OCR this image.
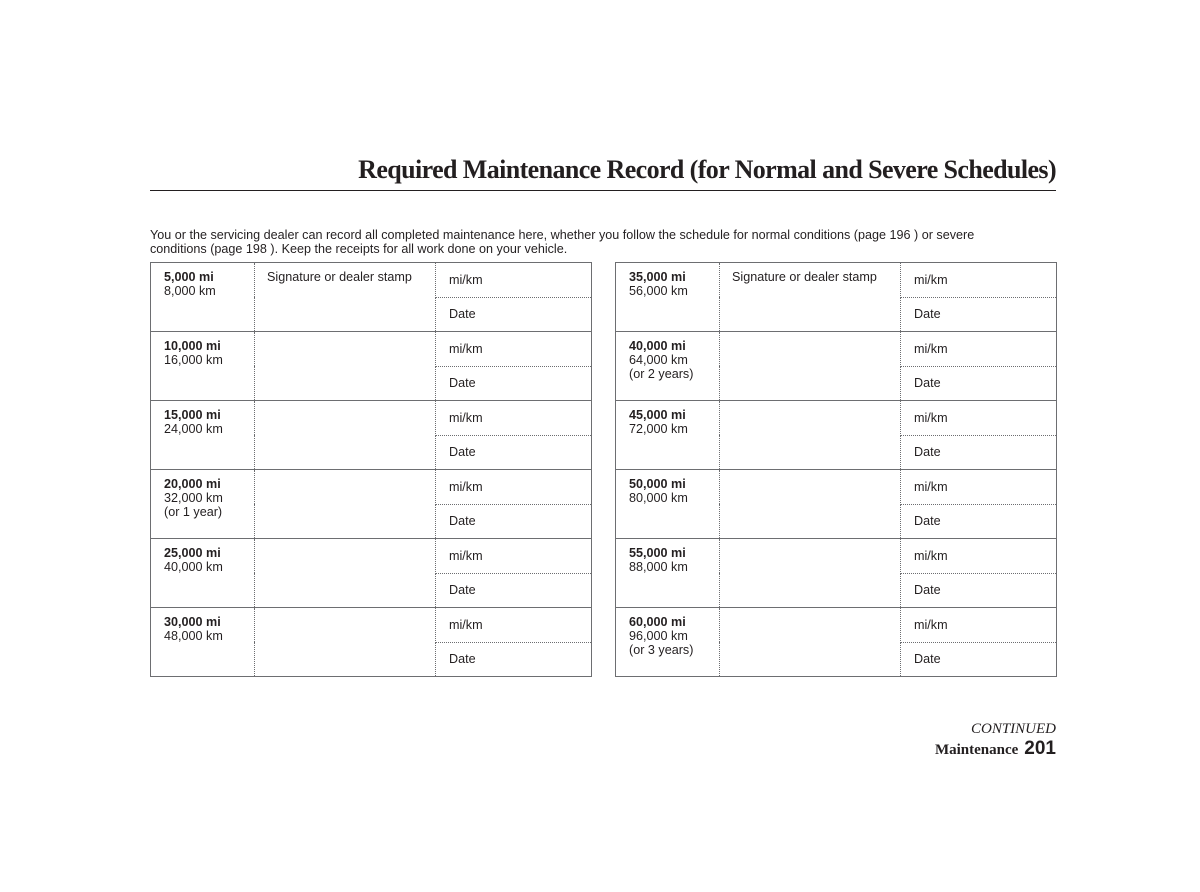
Required Maintenance Record (for Normal and Severe Schedules)

You or the servicing dealer can record all completed maintenance here, whether you follow the schedule for normal conditions (page 196 ) or severe

conditions (page 198 ). Keep the receipts for all work done on your vehicle.

5,000 mi
8,000 km	Signature or dealer stamp	mi/km
		Date

10,000 mi
16,000 km		mi/km
		Date

15,000 mi
24,000 km		mi/km
		Date

20,000 mi
32,000 km
(or 1 year)		mi/km
		Date

25,000 mi
40,000 km		mi/km
		Date

30,000 mi
48,000 km		mi/km
		Date
35,000 mi
56,000 km	Signature or dealer stamp	mi/km
		Date

40,000 mi
64,000 km
(or 2 years)		mi/km
		Date

45,000 mi
72,000 km		mi/km
		Date

50,000 mi
80,000 km		mi/km
		Date

55,000 mi
88,000 km		mi/km
		Date

60,000 mi
96,000 km
(or 3 years)		mi/km
		Date
CONTINUED
Maintenance 201
